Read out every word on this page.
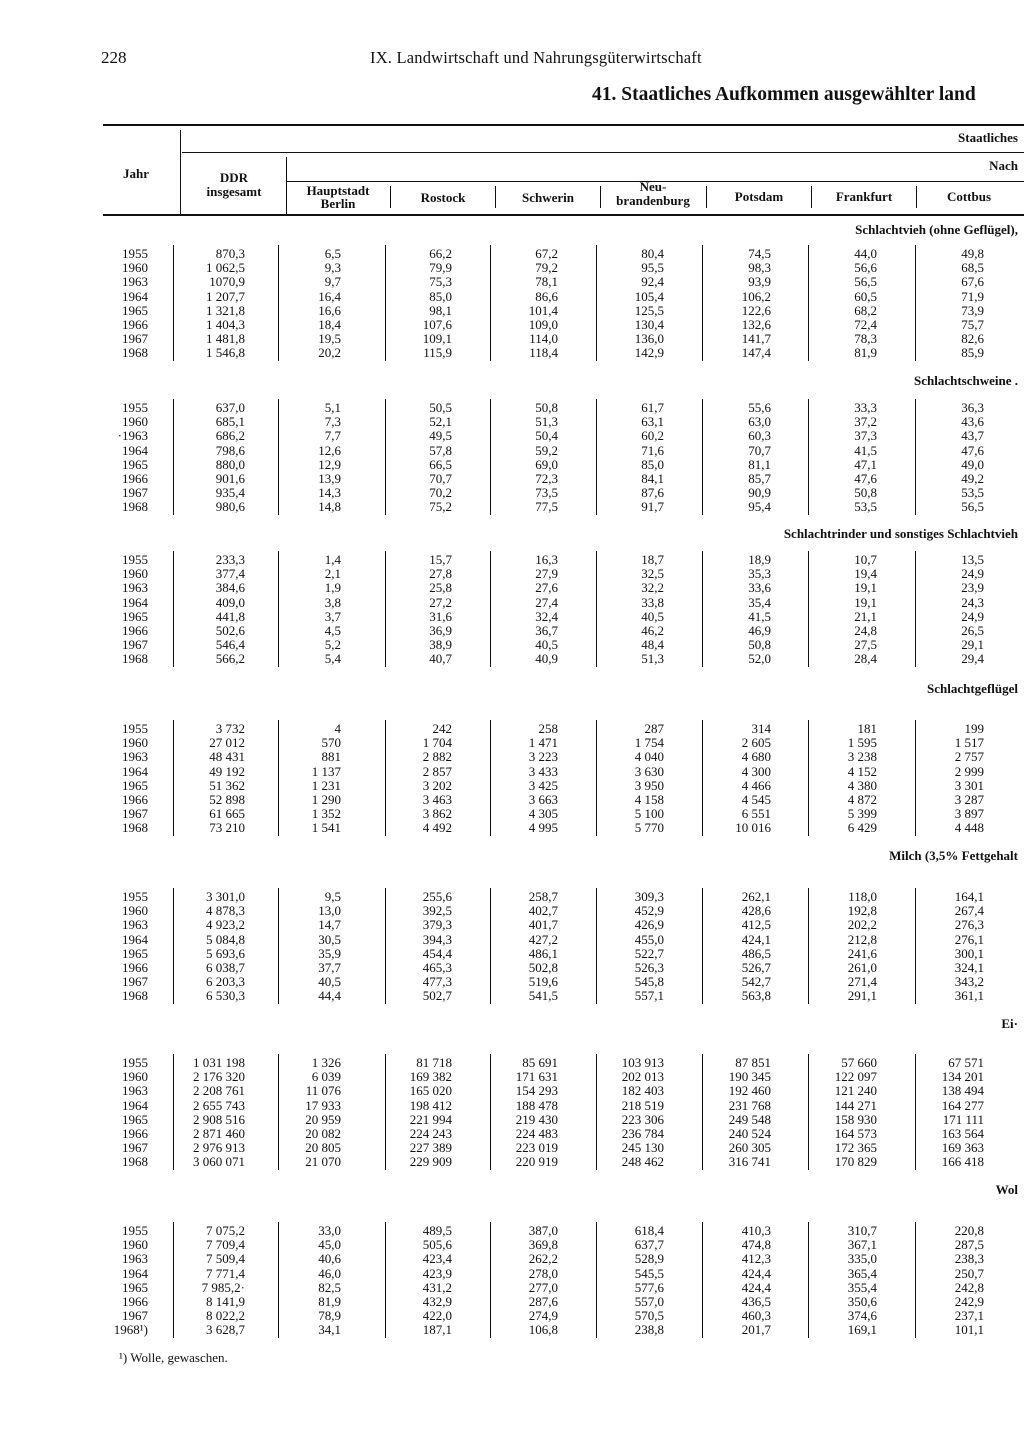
228	IX. Landwirtschaft und Nahrungsgüterwirtschaft
41. Staatliches Aufkommen ausgewählter land
Jahr	DDR
insgesamt
Staatliches
Nach
Hauptstadt
Berlin	Rostock	Schwerin
Neu-
brandenburg	Potsdam	Frankfurt	Cottbus
Schlachtvieh (ohne Geflügel),
1955	870,3	6,5	66,2	67,2	80,4	74,5	44,0	49,8
1960	1 062,5	9,3	79,9	79,2	95,5	98,3	56,6	68,5
1963	1070,9	9,7	75,3	78,1	92,4	93,9	56,5	67,6
1964	1 207,7	16,4	85,0	86,6	105,4	106,2	60,5	71,9
1965	1 321,8	16,6	98,1	101,4	125,5	122,6	68,2	73,9
1966	1 404,3	18,4	107,6	109,0	130,4	132,6	72,4	75,7
1967	1 481,8	19,5	109,1	114,0	136,0	141,7	78,3	82,6
1968	1 546,8	20,2	115,9	118,4	142,9	147,4	81,9	85,9
Schlachtschweine .
1955	637,0	5,1	50,5	50,8	61,7	55,6	33,3	36,3
1960	685,1	7,3	52,1	51,3	63,1	63,0	37,2	43,6
·1963	686,2	7,7	49,5	50,4	60,2	60,3	37,3	43,7
1964	798,6	12,6	57,8	59,2	71,6	70,7	41,5	47,6
1965	880,0	12,9	66,5	69,0	85,0	81,1	47,1	49,0
1966	901,6	13,9	70,7	72,3	84,1	85,7	47,6	49,2
1967	935,4	14,3	70,2	73,5	87,6	90,9	50,8	53,5
1968	980,6	14,8	75,2	77,5	91,7	95,4	53,5	56,5
Schlachtrinder und sonstiges Schlachtvieh
1955	233,3	1,4	15,7	16,3	18,7	18,9	10,7	13,5
1960	377,4	2,1	27,8	27,9	32,5	35,3	19,4	24,9
1963	384,6	1,9	25,8	27,6	32,2	33,6	19,1	23,9
1964	409,0	3,8	27,2	27,4	33,8	35,4	19,1	24,3
1965	441,8	3,7	31,6	32,4	40,5	41,5	21,1	24,9
1966	502,6	4,5	36,9	36,7	46,2	46,9	24,8	26,5
1967	546,4	5,2	38,9	40,5	48,4	50,8	27,5	29,1
1968	566,2	5,4	40,7	40,9	51,3	52,0	28,4	29,4
Schlachtgeflügel
1955	3 732	4	242	258	287	314	181	199
1960	27 012	570	1 704	1 471	1 754	2 605	1 595	1 517
1963	48 431	881	2 882	3 223	4 040	4 680	3 238	2 757
1964	49 192	1 137	2 857	3 433	3 630	4 300	4 152	2 999
1965	51 362	1 231	3 202	3 425	3 950	4 466	4 380	3 301
1966	52 898	1 290	3 463	3 663	4 158	4 545	4 872	3 287
1967	61 665	1 352	3 862	4 305	5 100	6 551	5 399	3 897
1968	73 210	1 541	4 492	4 995	5 770	10 016	6 429	4 448
Milch (3,5% Fettgehalt
1955	3 301,0	9,5	255,6	258,7	309,3	262,1	118,0	164,1
1960	4 878,3	13,0	392,5	402,7	452,9	428,6	192,8	267,4
1963	4 923,2	14,7	379,3	401,7	426,9	412,5	202,2	276,3
1964	5 084,8	30,5	394,3	427,2	455,0	424,1	212,8	276,1
1965	5 693,6	35,9	454,4	486,1	522,7	486,5	241,6	300,1
1966	6 038,7	37,7	465,3	502,8	526,3	526,7	261,0	324,1
1967	6 203,3	40,5	477,3	519,6	545,8	542,7	271,4	343,2
1968	6 530,3	44,4	502,7	541,5	557,1	563,8	291,1	361,1
Ei·
1955	1 031 198	1 326	81 718	85 691	103 913	87 851	57 660	67 571
1960	2 176 320	6 039	169 382	171 631	202 013	190 345	122 097	134 201
1963	2 208 761	11 076	165 020	154 293	182 403	192 460	121 240	138 494
1964	2 655 743	17 933	198 412	188 478	218 519	231 768	144 271	164 277
1965	2 908 516	20 959	221 994	219 430	223 306	249 548	158 930	171 111
1966	2 871 460	20 082	224 243	224 483	236 784	240 524	164 573	163 564
1967	2 976 913	20 805	227 389	223 019	245 130	260 305	172 365	169 363
1968	3 060 071	21 070	229 909	220 919	248 462	316 741	170 829	166 418
Wol
1955	7 075,2	33,0	489,5	387,0	618,4	410,3	310,7	220,8
1960	7 709,4	45,0	505,6	369,8	637,7	474,8	367,1	287,5
1963	7 509,4	40,6	423,4	262,2	528,9	412,3	335,0	238,3
1964	7 771,4	46,0	423,9	278,0	545,5	424,4	365,4	250,7
1965	7 985,2·	82,5	431,2	277,0	577,6	424,4	355,4	242,8
1966	8 141,9	81,9	432,9	287,6	557,0	436,5	350,6	242,9
1967	8 022,2	78,9	422,0	274,9	570,5	460,3	374,6	237,1
1968¹)	3 628,7	34,1	187,1	106,8	238,8	201,7	169,1	101,1
¹) Wolle, gewaschen.
